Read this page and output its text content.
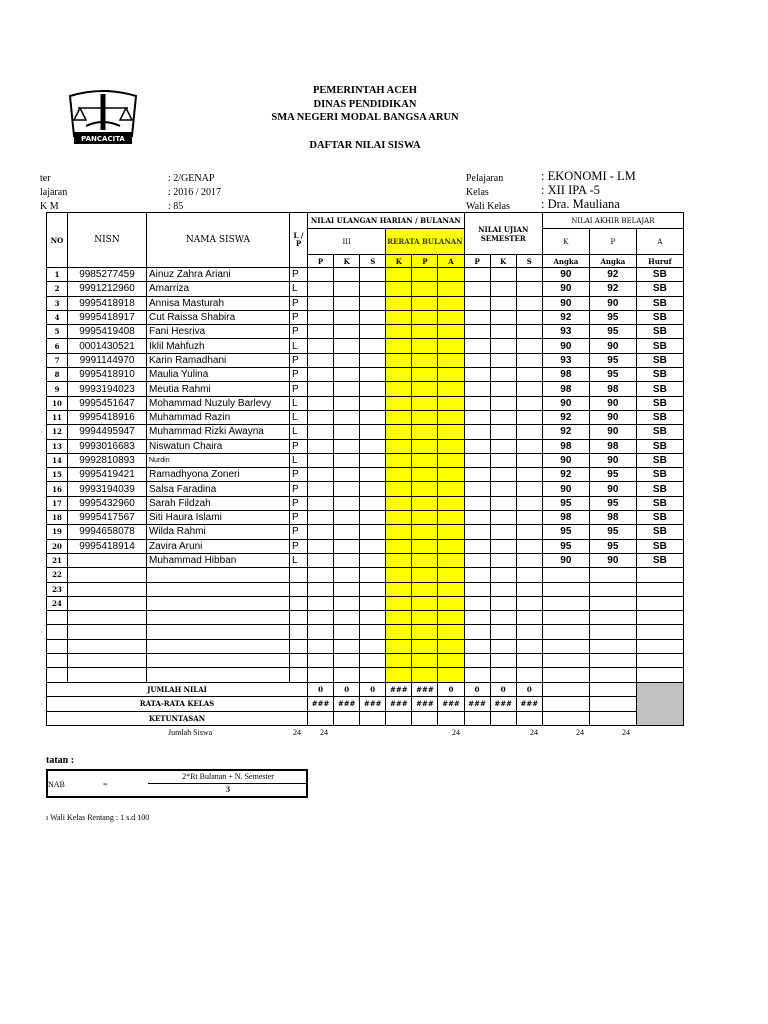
PANCACITA
PEMERINTAH ACEH
DINAS PENDIDIKAN
SMA NEGERI MODAL BANGSA ARUN
DAFTAR NILAI SISWA
ter	: 2/GENAP
lajaran	: 2016 / 2017
K M	: 85
Pelajaran	: EKONOMI - LM
Kelas	: XII IPA -5
Wali Kelas : Dra. Mauliana
NO	NISN	NAMA SISWA	L / P	NILAI ULANGAN HARIAN / BULANAN						NILAI UJIAN SEMESTER			NILAI AKHIR BELAJAR		
				III			RERATA BULANAN						K	P	A
				P	K	S	K	P	A	P	K	S	Angka	Angka	Huruf
1	9985277459	Ainuz Zahra Ariani	P										90	92	SB
2	9991212960	Amarriza	L										90	92	SB
3	9995418918	Annisa Masturah	P										90	90	SB
4	9995418917	Cut Raissa Shabira	P										92	95	SB
5	9995419408	Fani Hesriva	P										93	95	SB
6	0001430521	Iklil Mahfuzh	L										90	90	SB
7	9991144970	Karin Ramadhani	P										93	95	SB
8	9995418910	Maulia Yulina	P										98	95	SB
9	9993194023	Meutia Rahmi	P										98	98	SB
10	9995451647	Mohammad Nuzuly Barlevy	L										90	90	SB
11	9995418916	Muhammad Razin	L										92	90	SB
12	9994495947	Muhammad Rizki Awayna	L										92	90	SB
13	9993016683	Niswatun Chaira	P										98	98	SB
14	9992810893	Nurdin	L										90	90	SB
15	9995419421	Ramadhyona Zoneri	P										92	95	SB
16	9993194039	Salsa Faradina	P										90	90	SB
17	9995432960	Sarah Fildzah	P										95	95	SB
18	9995417567	Siti Haura Islami	P										98	98	SB
19	9994658078	Wilda Rahmi	P										95	95	SB
20	9995418914	Zavira Aruni	P										95	95	SB
21		Muhammad Hibban	L										90	90	SB
22															
23															
24															

JUMLAH NILAI				0	0	0	###	###	0	0	0	0			
RATA-RATA KELAS				###	###	###	###	###	###	###	###	###			
KETUNTASAN															
Jumlah Siswa	24 24	24	24	24	24
tatan :
NAB	=
2*Rt Bulanan + N. Semester
3
ı Wali Kelas Rentang : 1 s.d 100
